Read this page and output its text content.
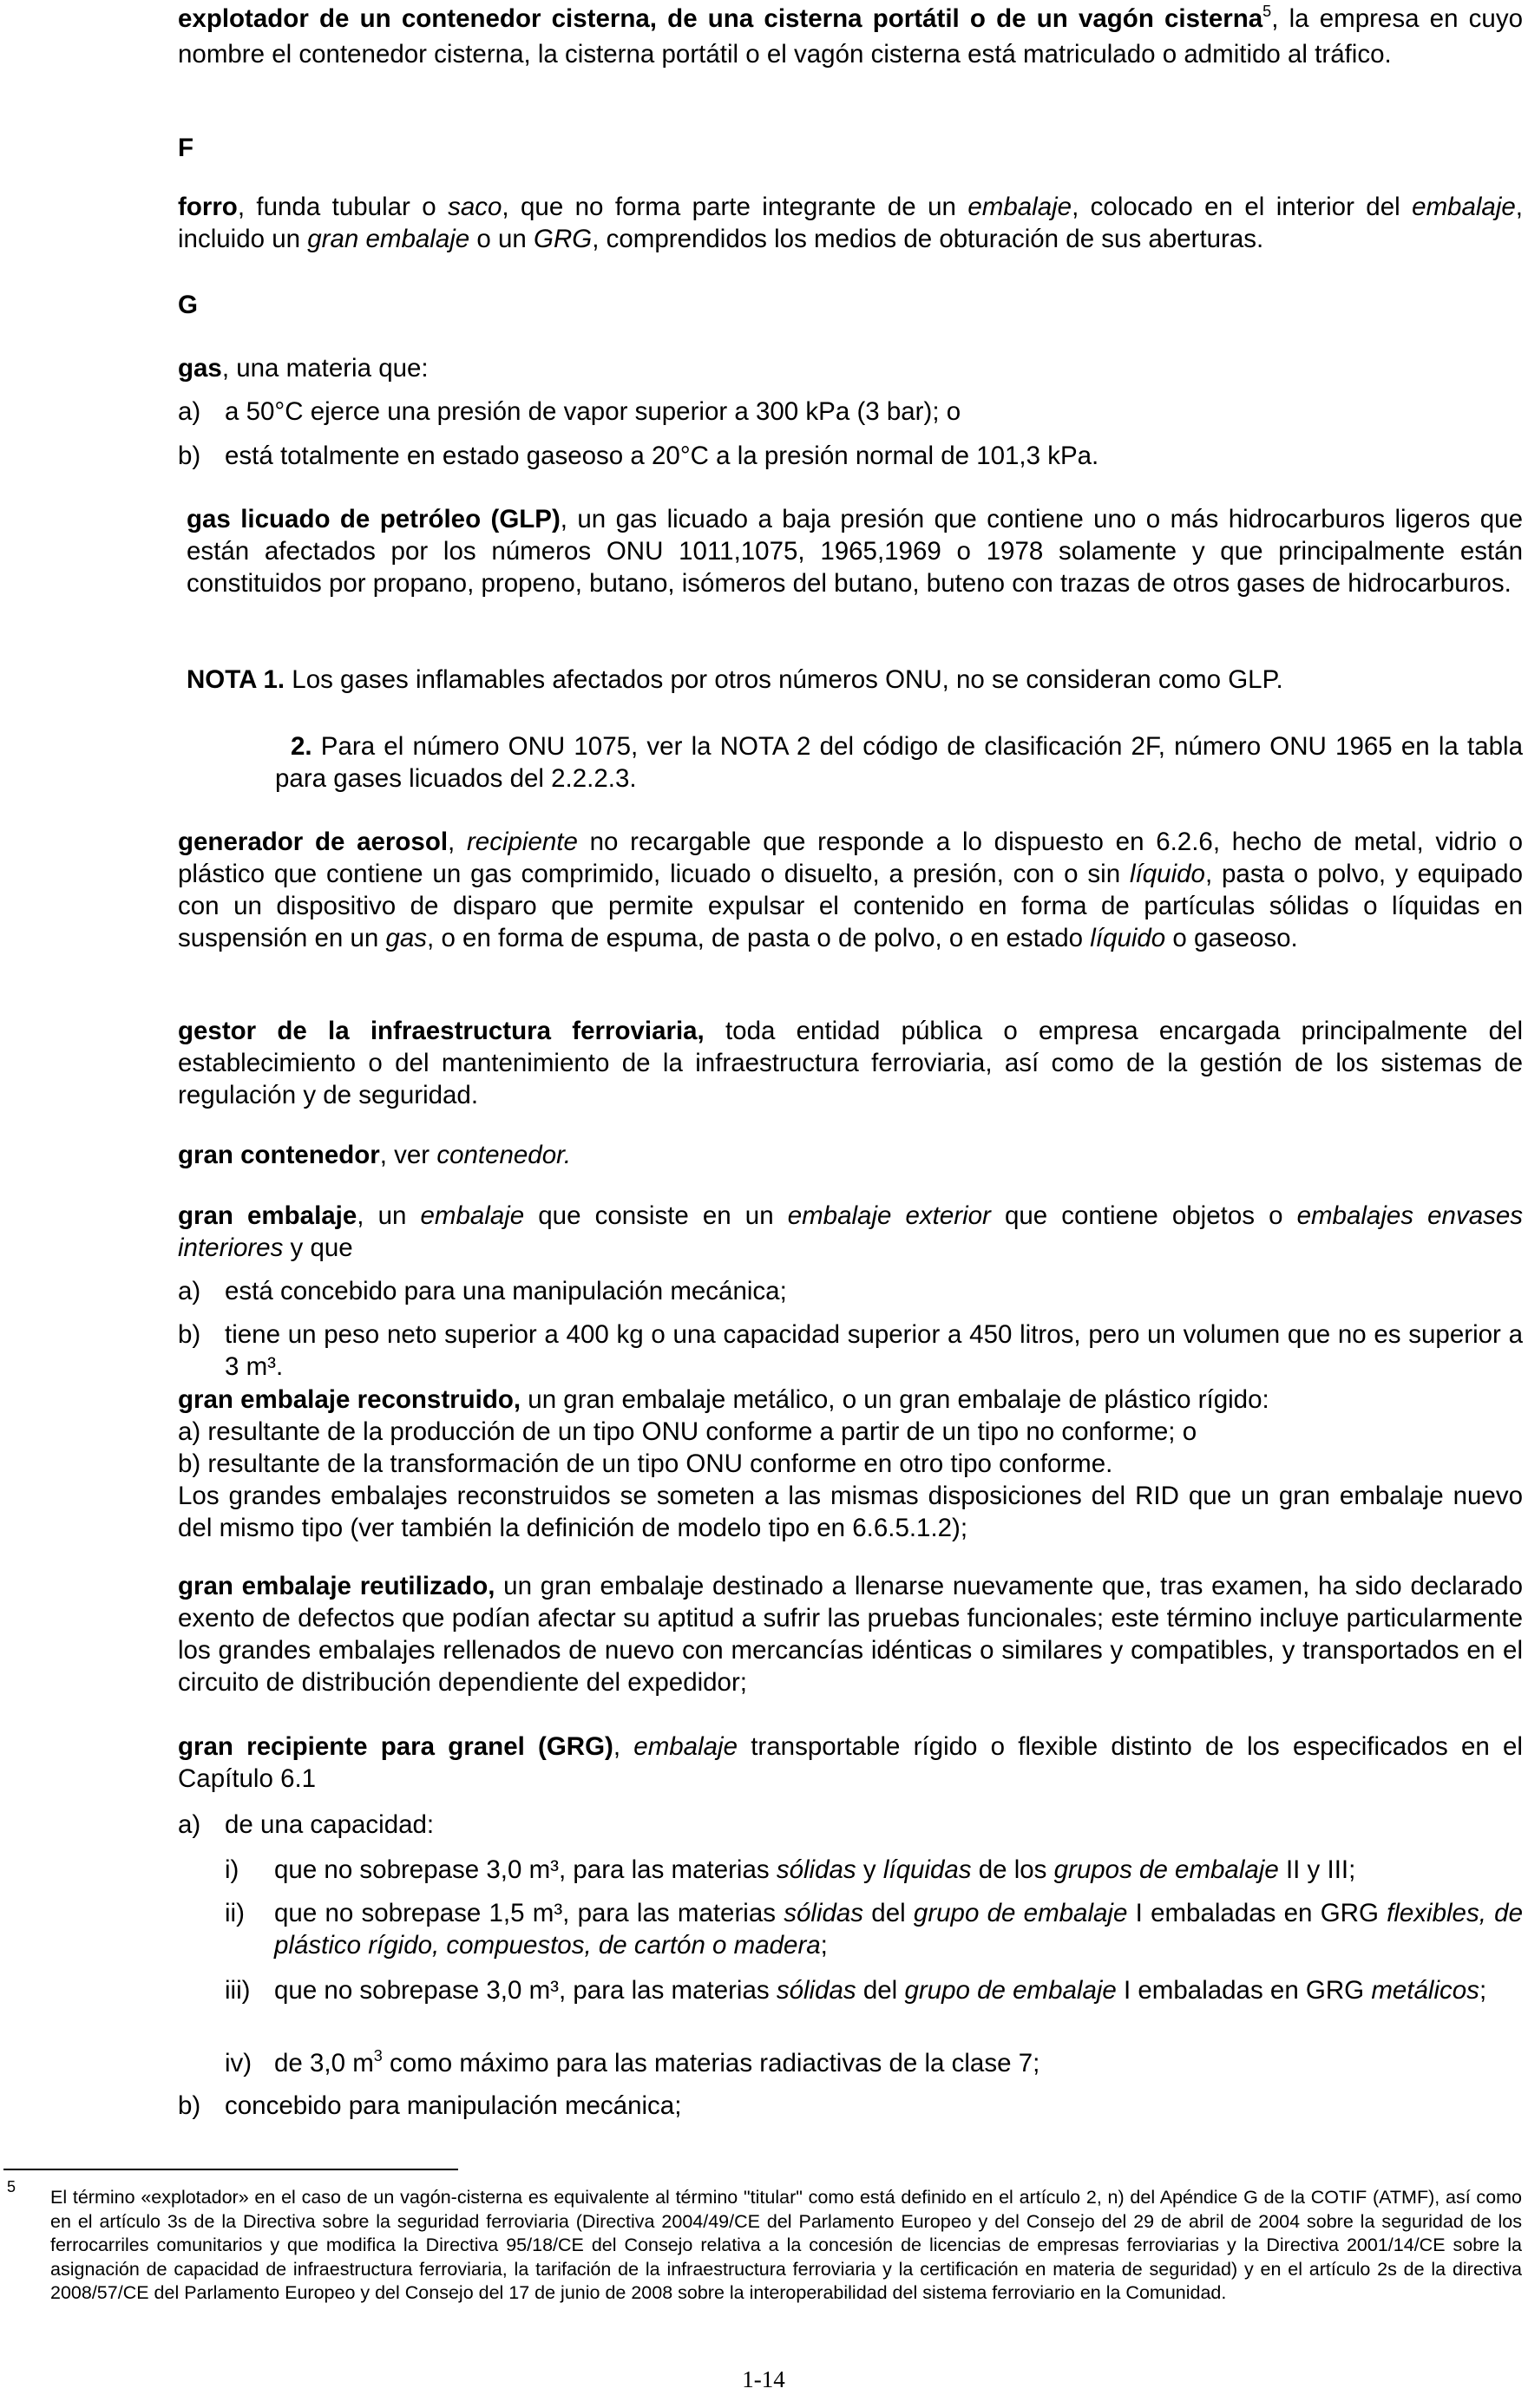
explotador de un contenedor cisterna, de una cisterna portátil o de un vagón cisterna$^5$, la empresa en cuyo nombre el contenedor cisterna, la cisterna portátil o el vagón cisterna está matriculado o admitido al tráfico.

F

forro, funda tubular o saco, que no forma parte integrante de un embalaje, colocado en el interior del embalaje, incluido un gran embalaje o un GRG, comprendidos los medios de obturación de sus aberturas.

G

gas, una materia que:

a) a 50°C ejerce una presión de vapor superior a 300 kPa (3 bar); o
b) está totalmente en estado gaseoso a 20°C a la presión normal de 101,3 kPa.

gas licuado de petróleo (GLP), un gas licuado a baja presión que contiene uno o más hidrocarburos ligeros que están afectados por los números ONU 1011,1075, 1965,1969 o 1978 solamente y que principalmente están constituidos por propano, propeno, butano, isómeros del butano, buteno con trazas de otros gases de hidrocarburos.

NOTA 1. Los gases inflamables afectados por otros números ONU, no se consideran como GLP.

2. Para el número ONU 1075, ver la NOTA 2 del código de clasificación 2F, número ONU 1965 en la tabla para gases licuados del 2.2.2.3.

generador de aerosol, recipiente no recargable que responde a lo dispuesto en 6.2.6, hecho de metal, vidrio o plástico que contiene un gas comprimido, licuado o disuelto, a presión, con o sin líquido, pasta o polvo, y equipado con un dispositivo de disparo que permite expulsar el contenido en forma de partículas sólidas o líquidas en suspensión en un gas, o en forma de espuma, de pasta o de polvo, o en estado líquido o gaseoso.

gestor de la infraestructura ferroviaria, toda entidad pública o empresa encargada principalmente del establecimiento o del mantenimiento de la infraestructura ferroviaria, así como de la gestión de los sistemas de regulación y de seguridad.

gran contenedor, ver contenedor.

gran embalaje, un embalaje que consiste en un embalaje exterior que contiene objetos o embalajes envases interiores y que

a) está concebido para una manipulación mecánica;
b) tiene un peso neto superior a 400 kg o una capacidad superior a 450 litros, pero un volumen que no es superior a 3 m³.

gran embalaje reconstruido, un gran embalaje metálico, o un gran embalaje de plástico rígido:

a) resultante de la producción de un tipo ONU conforme a partir de un tipo no conforme; o

b) resultante de la transformación de un tipo ONU conforme en otro tipo conforme.

Los grandes embalajes reconstruidos se someten a las mismas disposiciones del RID que un gran embalaje nuevo del mismo tipo (ver también la definición de modelo tipo en 6.6.5.1.2);

gran embalaje reutilizado, un gran embalaje destinado a llenarse nuevamente que, tras examen, ha sido declarado exento de defectos que podían afectar su aptitud a sufrir las pruebas funcionales; este término incluye particularmente los grandes embalajes rellenados de nuevo con mercancías idénticas o similares y compatibles, y transportados en el circuito de distribución dependiente del expedidor;

gran recipiente para granel (GRG), embalaje transportable rígido o flexible distinto de los especificados en el Capítulo 6.1

a) de una capacidad:
i)	que no sobrepase 3,0 m³, para las materias sólidas y líquidas de los grupos de embalaje II y III;
ii)	que no sobrepase 1,5 m³, para las materias sólidas del grupo de embalaje I embaladas en GRG flexibles, de plástico rígido, compuestos, de cartón o madera;
iii) que no sobrepase 3,0 m³, para las materias sólidas del grupo de embalaje I embaladas en GRG metálicos;
iv) de 3,0 $m^3$ como máximo para las materias radiactivas de la clase 7;
b) concebido para manipulación mecánica;
5 El término «explotador» en el caso de un vagón-cisterna es equivalente al término "titular" como está definido en el artículo 2, n) del Apéndice G de la COTIF (ATMF), así como en el artículo 3s de la Directiva sobre la seguridad ferroviaria (Directiva 2004/49/CE del Parlamento Europeo y del Consejo del 29 de abril de 2004 sobre la seguridad de los ferrocarriles comunitarios y que modifica la Directiva 95/18/CE del Consejo relativa a la concesión de licencias de empresas ferroviarias y la Directiva 2001/14/CE sobre la asignación de capacidad de infraestructura ferroviaria, la tarifación de la infraestructura ferroviaria y la certificación en materia de seguridad) y en el artículo 2s de la directiva 2008/57/CE del Parlamento Europeo y del Consejo del 17 de junio de 2008 sobre la interoperabilidad del sistema ferroviario en la Comunidad.
1-14
